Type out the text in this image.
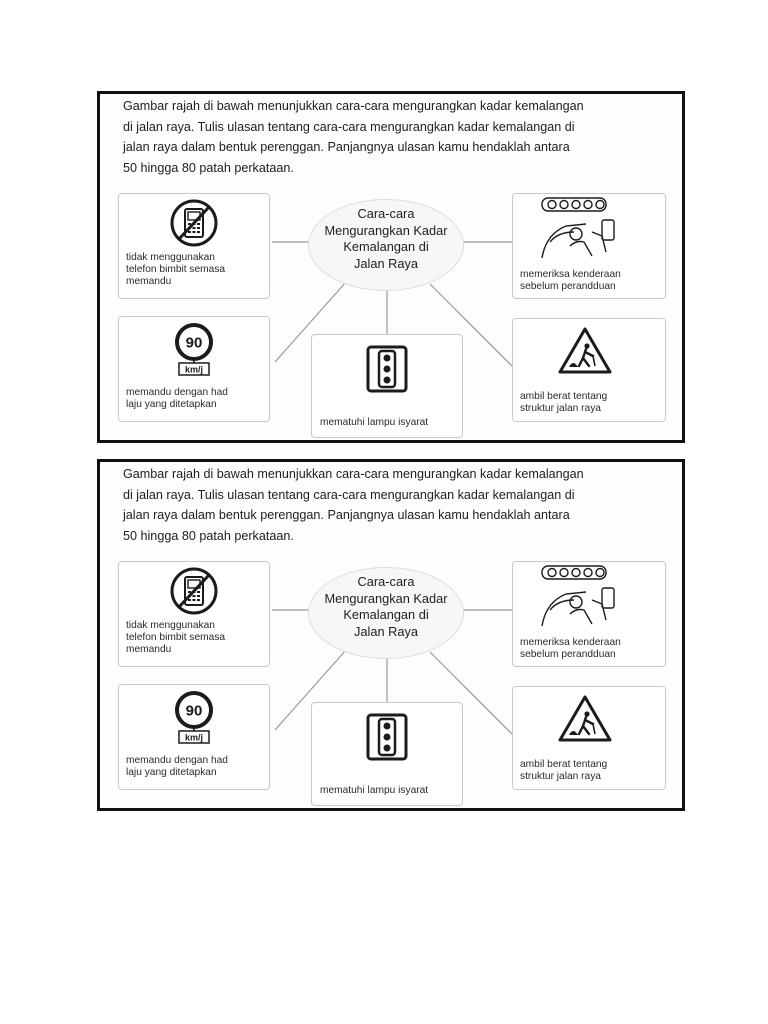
Gambar rajah di bawah menunjukkan cara-cara mengurangkan kadar kemalangan
di jalan raya. Tulis ulasan tentang cara-cara mengurangkan kadar kemalangan di
jalan raya dalam bentuk perenggan. Panjangnya ulasan kamu hendaklah antara
50 hingga 80 patah perkataan.

tidak menggunakan
telefon bimbit semasa
memandu
90
km/j
memandu dengan had
laju yang ditetapkan
Cara-cara
Mengurangkan Kadar
Kemalangan di
Jalan Raya
mematuhi lampu isyarat
memeriksa kenderaan
sebelum perandduan
ambil berat tentang
struktur jalan raya

Gambar rajah di bawah menunjukkan cara-cara mengurangkan kadar kemalangan
di jalan raya. Tulis ulasan tentang cara-cara mengurangkan kadar kemalangan di
jalan raya dalam bentuk perenggan. Panjangnya ulasan kamu hendaklah antara
50 hingga 80 patah perkataan.

tidak menggunakan
telefon bimbit semasa
memandu
90
km/j
memandu dengan had
laju yang ditetapkan
Cara-cara
Mengurangkan Kadar
Kemalangan di
Jalan Raya
mematuhi lampu isyarat
memeriksa kenderaan
sebelum perandduan
ambil berat tentang
struktur jalan raya
